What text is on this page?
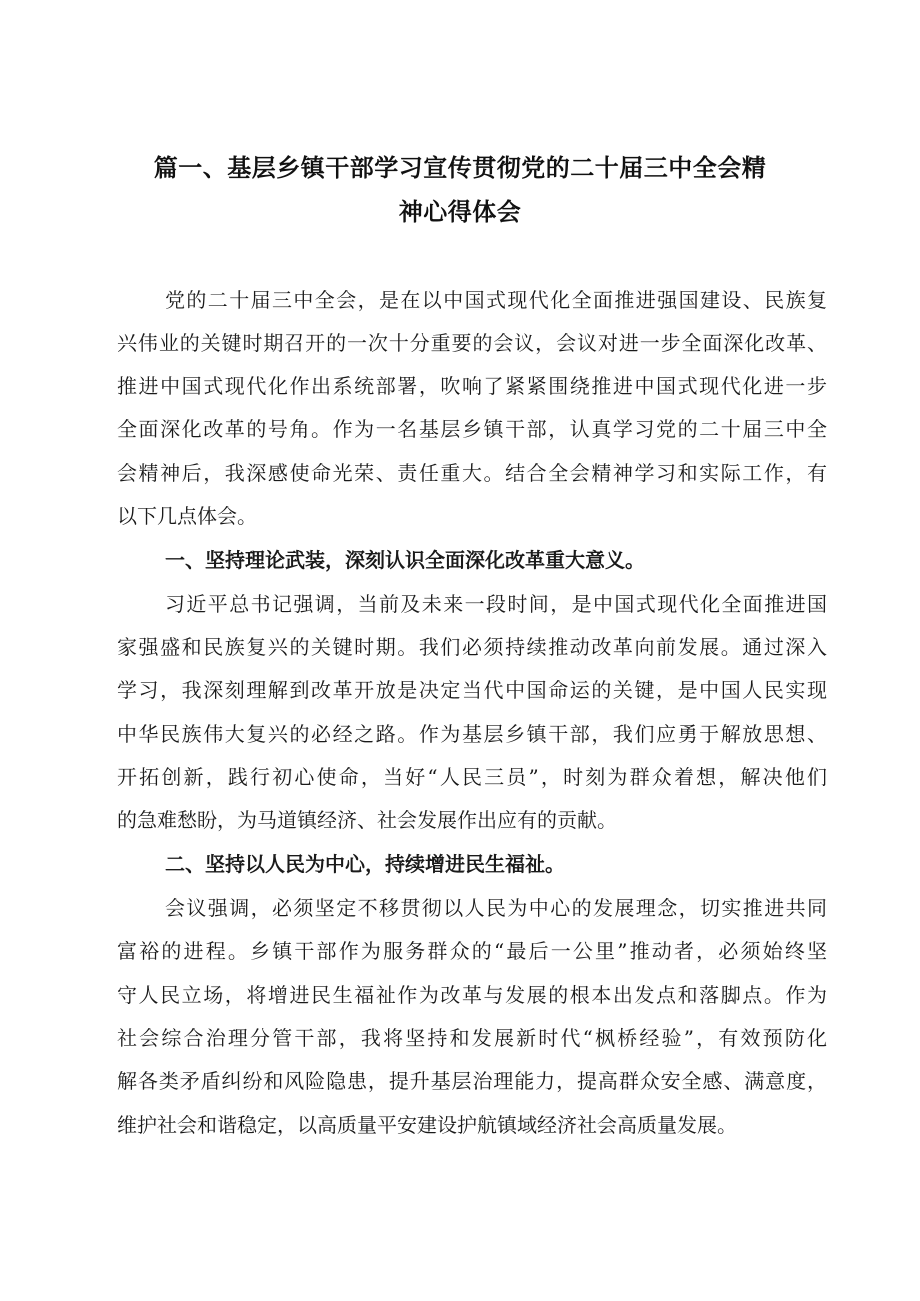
篇一、基层乡镇干部学习宣传贯彻党的二十届三中全会精
神心得体会
党的二十届三中全会，是在以中国式现代化全面推进强国建设、民族复
兴伟业的关键时期召开的一次十分重要的会议，会议对进一步全面深化改革、
推进中国式现代化作出系统部署，吹响了紧紧围绕推进中国式现代化进一步
全面深化改革的号角。作为一名基层乡镇干部，认真学习党的二十届三中全
会精神后，我深感使命光荣、责任重大。结合全会精神学习和实际工作，有
以下几点体会。
一、坚持理论武装，深刻认识全面深化改革重大意义。
习近平总书记强调，当前及未来一段时间，是中国式现代化全面推进国
家强盛和民族复兴的关键时期。我们必须持续推动改革向前发展。通过深入
学习，我深刻理解到改革开放是决定当代中国命运的关键，是中国人民实现
中华民族伟大复兴的必经之路。作为基层乡镇干部，我们应勇于解放思想、
开拓创新，践行初心使命，当好“人民三员”，时刻为群众着想，解决他们
的急难愁盼，为马道镇经济、社会发展作出应有的贡献。
二、坚持以人民为中心，持续增进民生福祉。
会议强调，必须坚定不移贯彻以人民为中心的发展理念，切实推进共同
富裕的进程。乡镇干部作为服务群众的“最后一公里”推动者，必须始终坚
守人民立场，将增进民生福祉作为改革与发展的根本出发点和落脚点。作为
社会综合治理分管干部，我将坚持和发展新时代“枫桥经验”，有效预防化
解各类矛盾纠纷和风险隐患，提升基层治理能力，提高群众安全感、满意度，
维护社会和谐稳定，以高质量平安建设护航镇域经济社会高质量发展。
